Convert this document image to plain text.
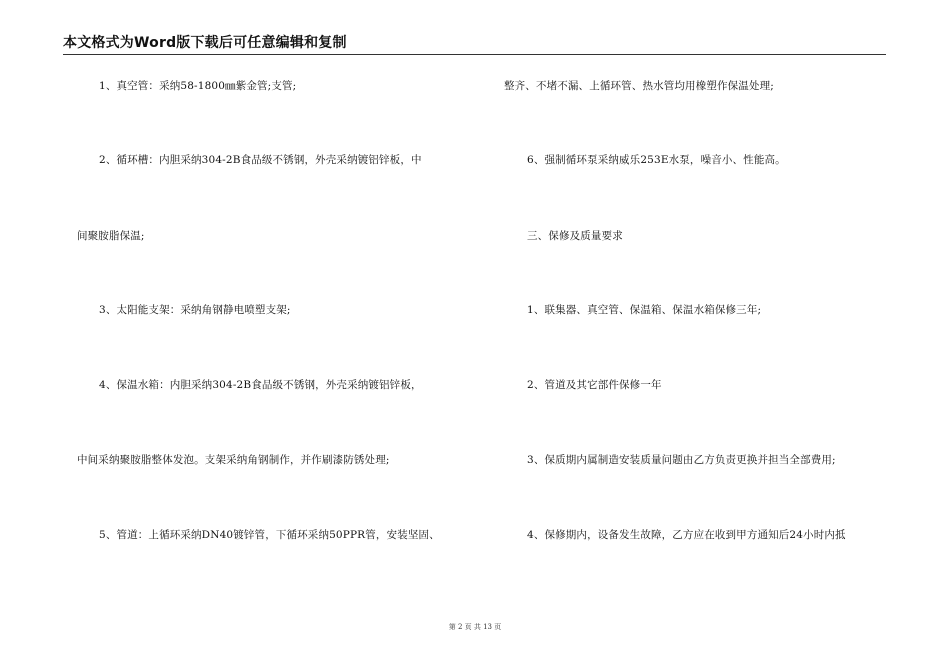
本文格式为Word版下载后可任意编辑和复制
1、真空管：采纳58-1800㎜紫金管;支管;
2、循环槽：内胆采纳304-2B食品级不锈钢，外壳采纳镀铝锌板，中
间聚胺脂保温;
3、太阳能支架：采纳角钢静电喷塑支架;
4、保温水箱：内胆采纳304-2B食品级不锈钢，外壳采纳镀铝锌板，
中间采纳聚胺脂整体发泡。支架采纳角钢制作，并作刷漆防锈处理;
5、管道：上循环采纳DN40镀锌管，下循环采纳50PPR管，安装坚固、
整齐、不堵不漏、上循环管、热水管均用橡塑作保温处理;
6、强制循环泵采纳威乐253E水泵，噪音小、性能高。
三、保修及质量要求
1、联集器、真空管、保温箱、保温水箱保修三年;
2、管道及其它部件保修一年
3、保质期内属制造安装质量问题由乙方负责更换并担当全部费用;
4、保修期内，设备发生故障，乙方应在收到甲方通知后24小时内抵
第 2 页 共 13 页
